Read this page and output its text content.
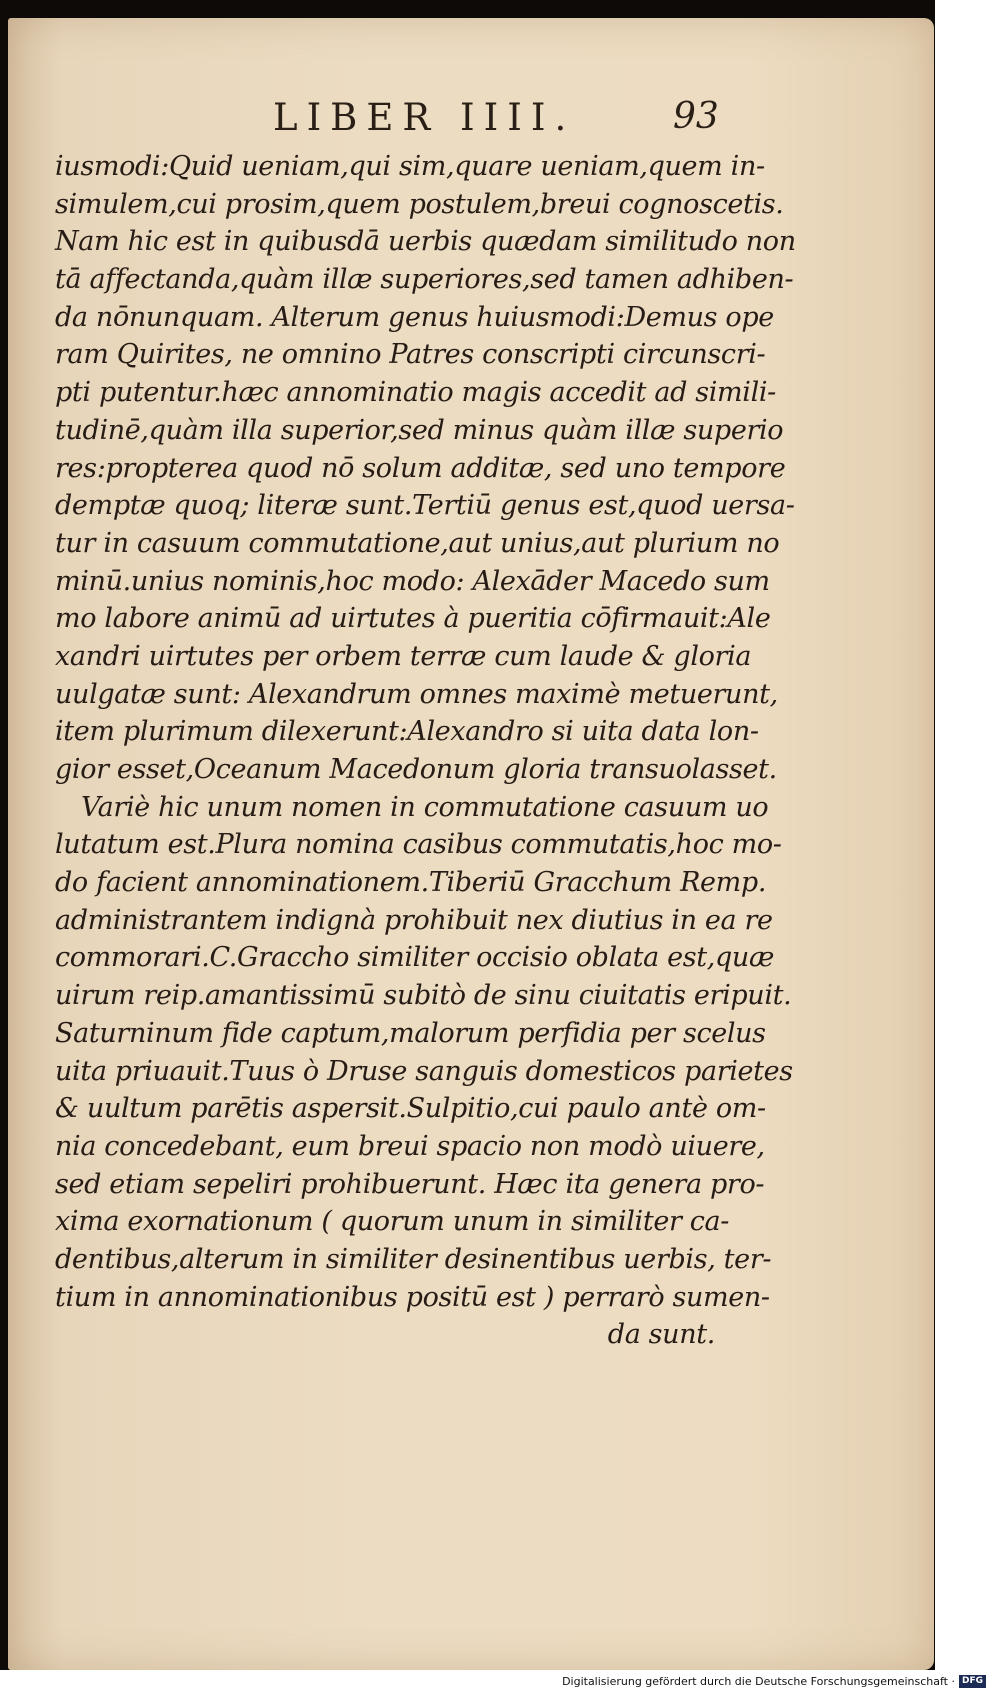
LIBER IIII.	93
iusmodi:Quid ueniam,qui sim,quare ueniam,quem in-
simulem,cui prosim,quem postulem,breui cognoscetis.
Nam hic est in quibusdā uerbis quædam similitudo non
tā affectanda,quàm illæ superiores,sed tamen adhiben-
da nōnunquam. Alterum genus huiusmodi:Demus ope
ram Quirites, ne omnino Patres conscripti circunscri-
pti putentur.hæc annominatio magis accedit ad simili-
tudinē,quàm illa superior,sed minus quàm illæ superio
res:propterea quod nō solum additæ, sed uno tempore
demptæ quoq; literæ sunt.Tertiū genus est,quod uersa-
tur in casuum commutatione,aut unius,aut plurium no
minū.unius nominis,hoc modo: Alexāder Macedo sum
mo labore animū ad uirtutes à pueritia cōfirmauit:Ale
xandri uirtutes per orbem terræ cum laude & gloria
uulgatæ sunt: Alexandrum omnes maximè metuerunt,
item plurimum dilexerunt:Alexandro si uita data lon-
gior esset,Oceanum Macedonum gloria transuolasset.
Variè hic unum nomen in commutatione casuum uo
lutatum est.Plura nomina casibus commutatis,hoc mo-
do facient annominationem.Tiberiū Gracchum Remp.
administrantem indignà prohibuit nex diutius in ea re
commorari.C.Graccho similiter occisio oblata est,quæ
uirum reip.amantissimū subitò de sinu ciuitatis eripuit.
Saturninum fide captum,malorum perfidia per scelus
uita priuauit.Tuus ò Druse sanguis domesticos parietes
& uultum parētis aspersit.Sulpitio,cui paulo antè om-
nia concedebant, eum breui spacio non modò uiuere,
sed etiam sepeliri prohibuerunt. Hæc ita genera pro-
xima exornationum ( quorum unum in similiter ca-
dentibus,alterum in similiter desinentibus uerbis, ter-
tium in annominationibus positū est ) perrarò sumen-
da sunt.
Digitalisierung gefördert durch die Deutsche Forschungsgemeinschaft · DFG
